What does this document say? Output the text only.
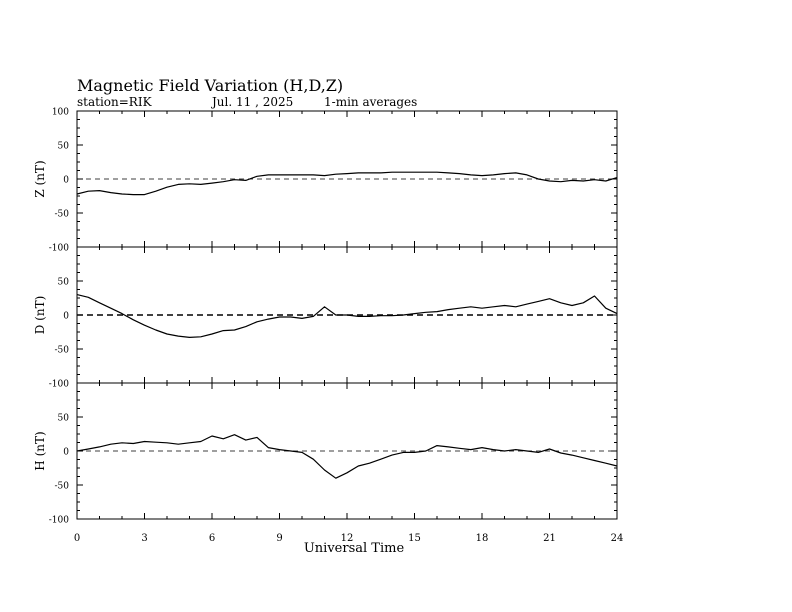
Magnetic Field Variation (H,D,Z)
station=RIK	Jul. 11 , 2025	1-min averages
-100
-50
0
50
100
Z (nT)
-100
-50
0
50
D (nT)
-100
-50
0
50
H (nT)
0	3	6	9	12	15	18	21	24
Universal Time
